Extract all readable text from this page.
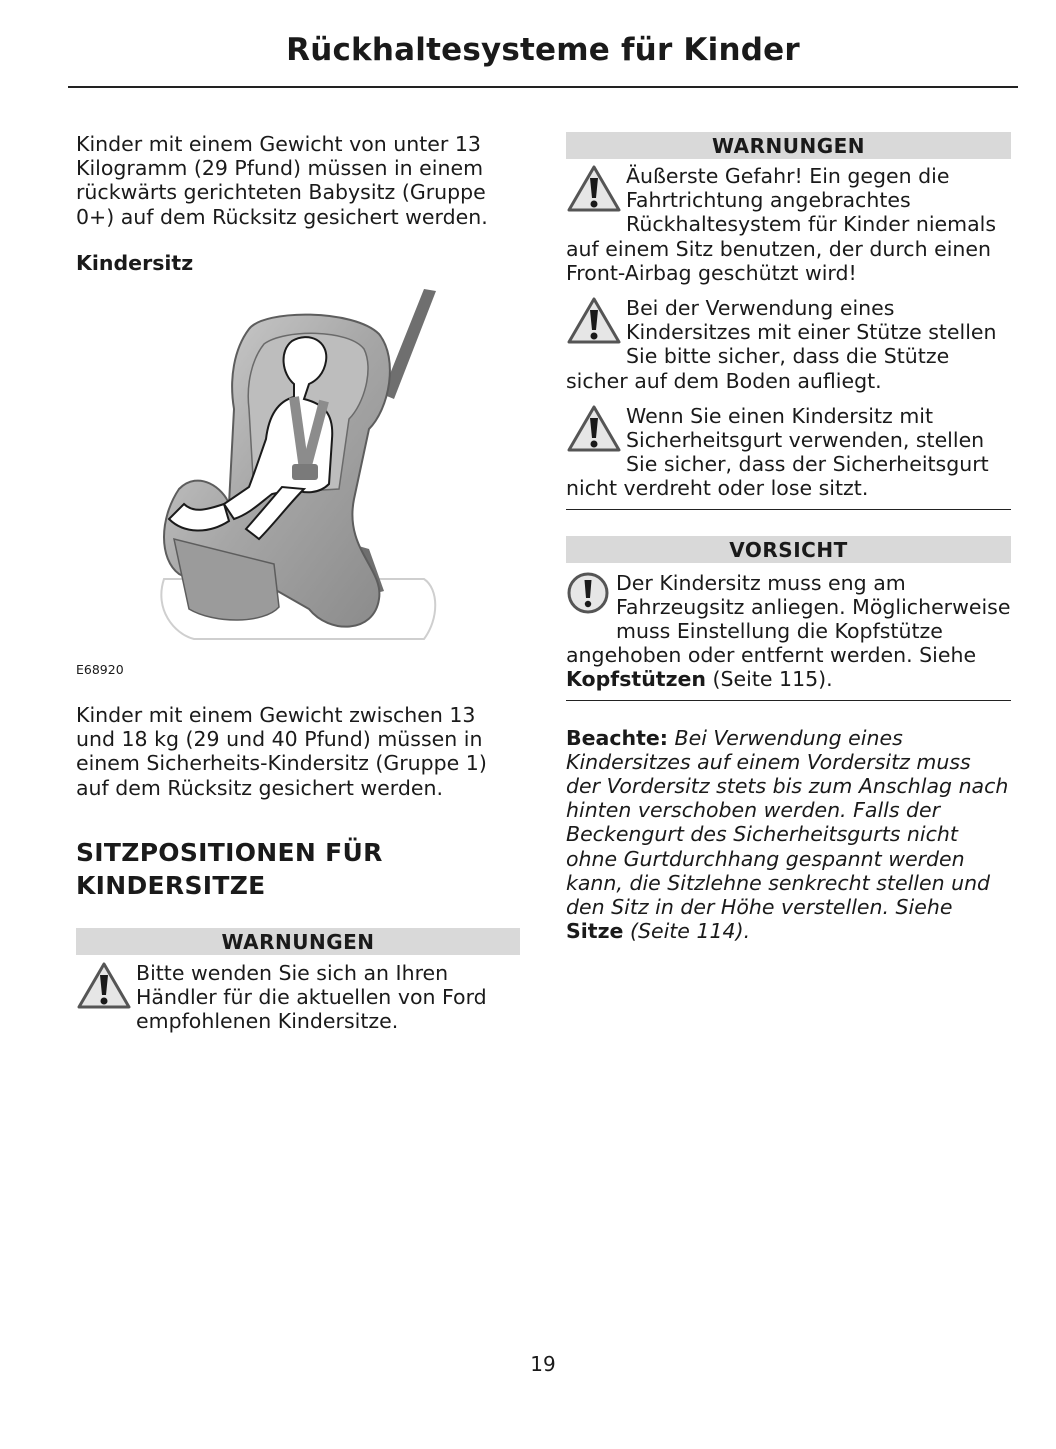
Rückhaltesysteme für Kinder

Kinder mit einem Gewicht von unter 13 Kilogramm (29 Pfund) müssen in einem rückwärts gerichteten Babysitz (Gruppe 0+) auf dem Rücksitz gesichert werden.

Kindersitz

E68920

Kinder mit einem Gewicht zwischen 13 und 18 kg (29 und 40 Pfund) müssen in einem Sicherheits-Kindersitz (Gruppe 1) auf dem Rücksitz gesichert werden.

SITZPOSITIONEN FÜR
KINDERSITZE
WARNUNGEN

Bitte wenden Sie sich an Ihren Händler für die aktuellen von Ford empfohlenen Kindersitze.

WARNUNGEN

Äußerste Gefahr! Ein gegen die Fahrtrichtung angebrachtes Rückhaltesystem für Kinder niemals auf einem Sitz benutzen, der durch einen Front-Airbag geschützt wird!

Bei der Verwendung eines Kindersitzes mit einer Stütze stellen Sie bitte sicher, dass die Stütze sicher auf dem Boden aufliegt.

Wenn Sie einen Kindersitz mit Sicherheitsgurt verwenden, stellen Sie sicher, dass der Sicherheitsgurt nicht verdreht oder lose sitzt.

VORSICHT

Der Kindersitz muss eng am Fahrzeugsitz anliegen. Möglicherweise muss Einstellung die Kopfstütze angehoben oder entfernt werden. Siehe Kopfstützen (Seite 115).

Beachte: Bei Verwendung eines Kindersitzes auf einem Vordersitz muss der Vordersitz stets bis zum Anschlag nach hinten verschoben werden. Falls der Beckengurt des Sicherheitsgurts nicht ohne Gurtdurchhang gespannt werden kann, die Sitzlehne senkrecht stellen und den Sitz in der Höhe verstellen. Siehe Sitze (Seite 114).

19
